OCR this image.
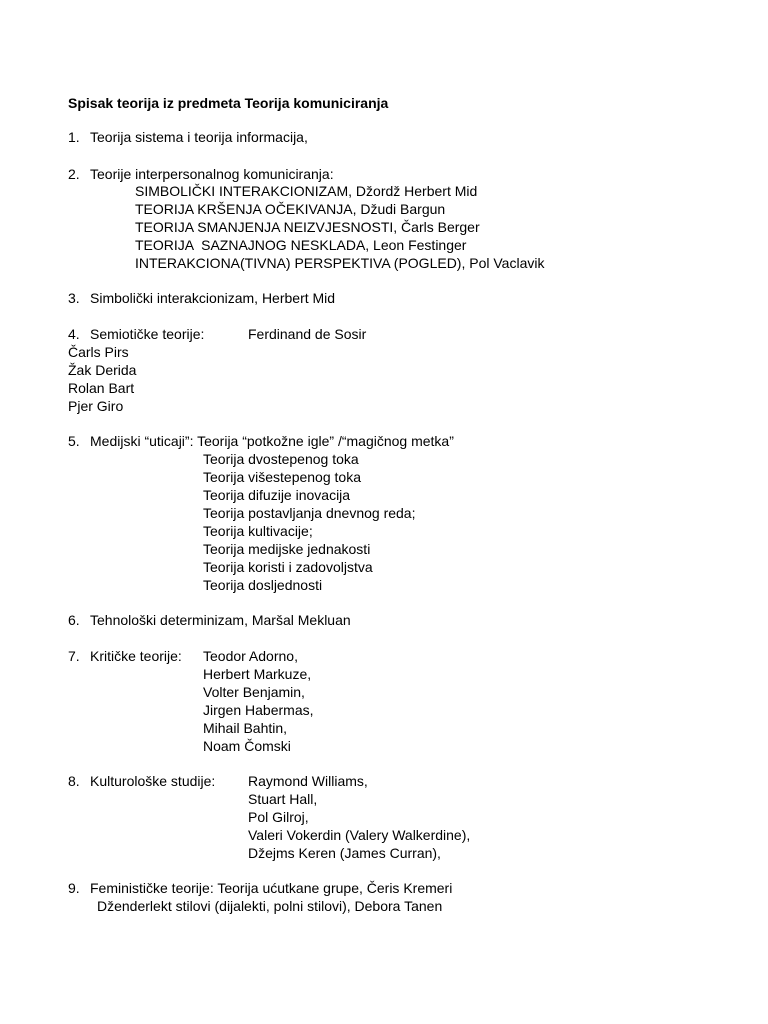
Spisak teorija iz predmeta Teorija komuniciranja
1. Teorija sistema i teorija informacija,
2. Teorije interpersonalnog komuniciranja:
SIMBOLIČKI INTERAKCIONIZAM, Džordž Herbert Mid
TEORIJA KRŠENJA OČEKIVANJA, Džudi Bargun
TEORIJA SMANJENJA NEIZVJESNOSTI, Čarls Berger
TEORIJA  SAZNAJNOG NESKLADA, Leon Festinger
INTERAKCIONA(TIVNA) PERSPEKTIVA (POGLED), Pol Vaclavik
3. Simbolički interakcionizam, Herbert Mid
4. Semiotičke teorije:	Ferdinand de Sosir
Čarls Pirs
Žak Derida
Rolan Bart
Pjer Giro
5. Medijski “uticaji”: Teorija “potkožne igle” /“magičnog metka”
Teorija dvostepenog toka
Teorija višestepenog toka
Teorija difuzije inovacija
Teorija postavljanja dnevnog reda;
Teorija kultivacije;
Teorija medijske jednakosti
Teorija koristi i zadovoljstva
Teorija dosljednosti
6. Tehnološki determinizam, Maršal Mekluan
7. Kritičke teorije: Teodor Adorno,
Herbert Markuze,
Volter Benjamin,
Jirgen Habermas,
Mihail Bahtin,
Noam Čomski
8. Kulturološke studije: Raymond Williams,
Stuart Hall,
Pol Gilroj,
Valeri Vokerdin (Valery Walkerdine),
Džejms Keren (James Curran),
9. Feminističke teorije: Teorija ućutkane grupe, Čeris Kremeri
Dženderlekt stilovi (dijalekti, polni stilovi), Debora Tanen
